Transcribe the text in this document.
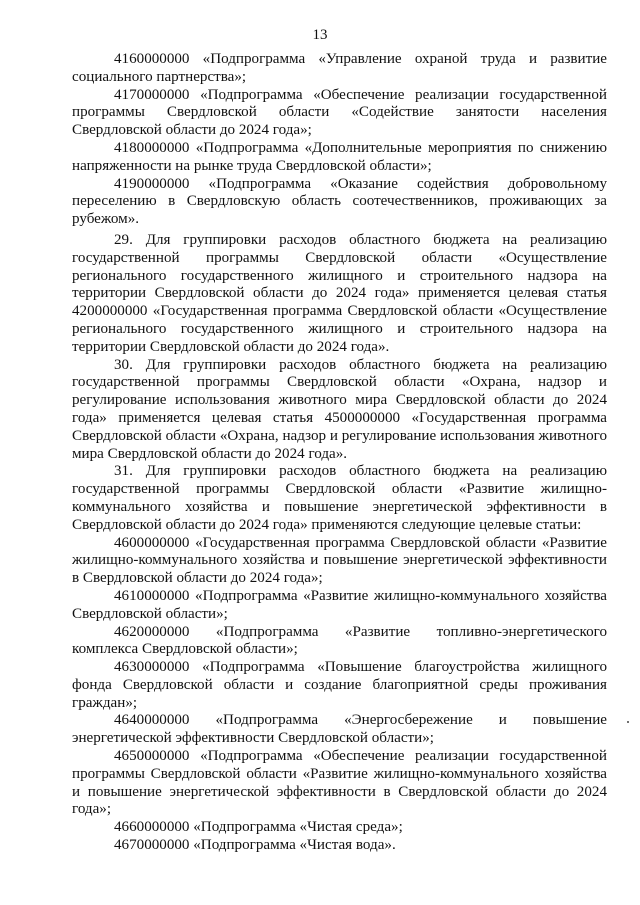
13

4160000000 «Подпрограмма «Управление охраной труда и развитие социального партнерства»;

4170000000 «Подпрограмма «Обеспечение реализации государственной программы Свердловской области «Содействие занятости населения Свердловской области до 2024 года»;

4180000000 «Подпрограмма «Дополнительные мероприятия по снижению напряженности на рынке труда Свердловской области»;

4190000000 «Подпрограмма «Оказание содействия добровольному переселению в Свердловскую область соотечественников, проживающих за рубежом».

29. Для группировки расходов областного бюджета на реализацию государственной программы Свердловской области «Осуществление регионального государственного жилищного и строительного надзора на территории Свердловской области до 2024 года» применяется целевая статья 4200000000 «Государственная программа Свердловской области «Осуществление регионального государственного жилищного и строительного надзора на территории Свердловской области до 2024 года».

30. Для группировки расходов областного бюджета на реализацию государственной программы Свердловской области «Охрана, надзор и регулирование использования животного мира Свердловской области до 2024 года» применяется целевая статья 4500000000 «Государственная программа Свердловской области «Охрана, надзор и регулирование использования животного мира Свердловской области до 2024 года».

31. Для группировки расходов областного бюджета на реализацию государственной программы Свердловской области «Развитие жилищно-коммунального хозяйства и повышение энергетической эффективности в Свердловской области до 2024 года» применяются следующие целевые статьи:

4600000000 «Государственная программа Свердловской области «Развитие жилищно-коммунального хозяйства и повышение энергетической эффективности в Свердловской области до 2024 года»;

4610000000 «Подпрограмма «Развитие жилищно-коммунального хозяйства Свердловской области»;

4620000000 «Подпрограмма «Развитие топливно-энергетического комплекса Свердловской области»;

4630000000 «Подпрограмма «Повышение благоустройства жилищного фонда Свердловской области и создание благоприятной среды проживания граждан»;

4640000000 «Подпрограмма «Энергосбережение и повышение энергетической эффективности Свердловской области»;

4650000000 «Подпрограмма «Обеспечение реализации государственной программы Свердловской области «Развитие жилищно-коммунального хозяйства и повышение энергетической эффективности в Свердловской области до 2024 года»;

4660000000 «Подпрограмма «Чистая среда»;

4670000000 «Подпрограмма «Чистая вода».
